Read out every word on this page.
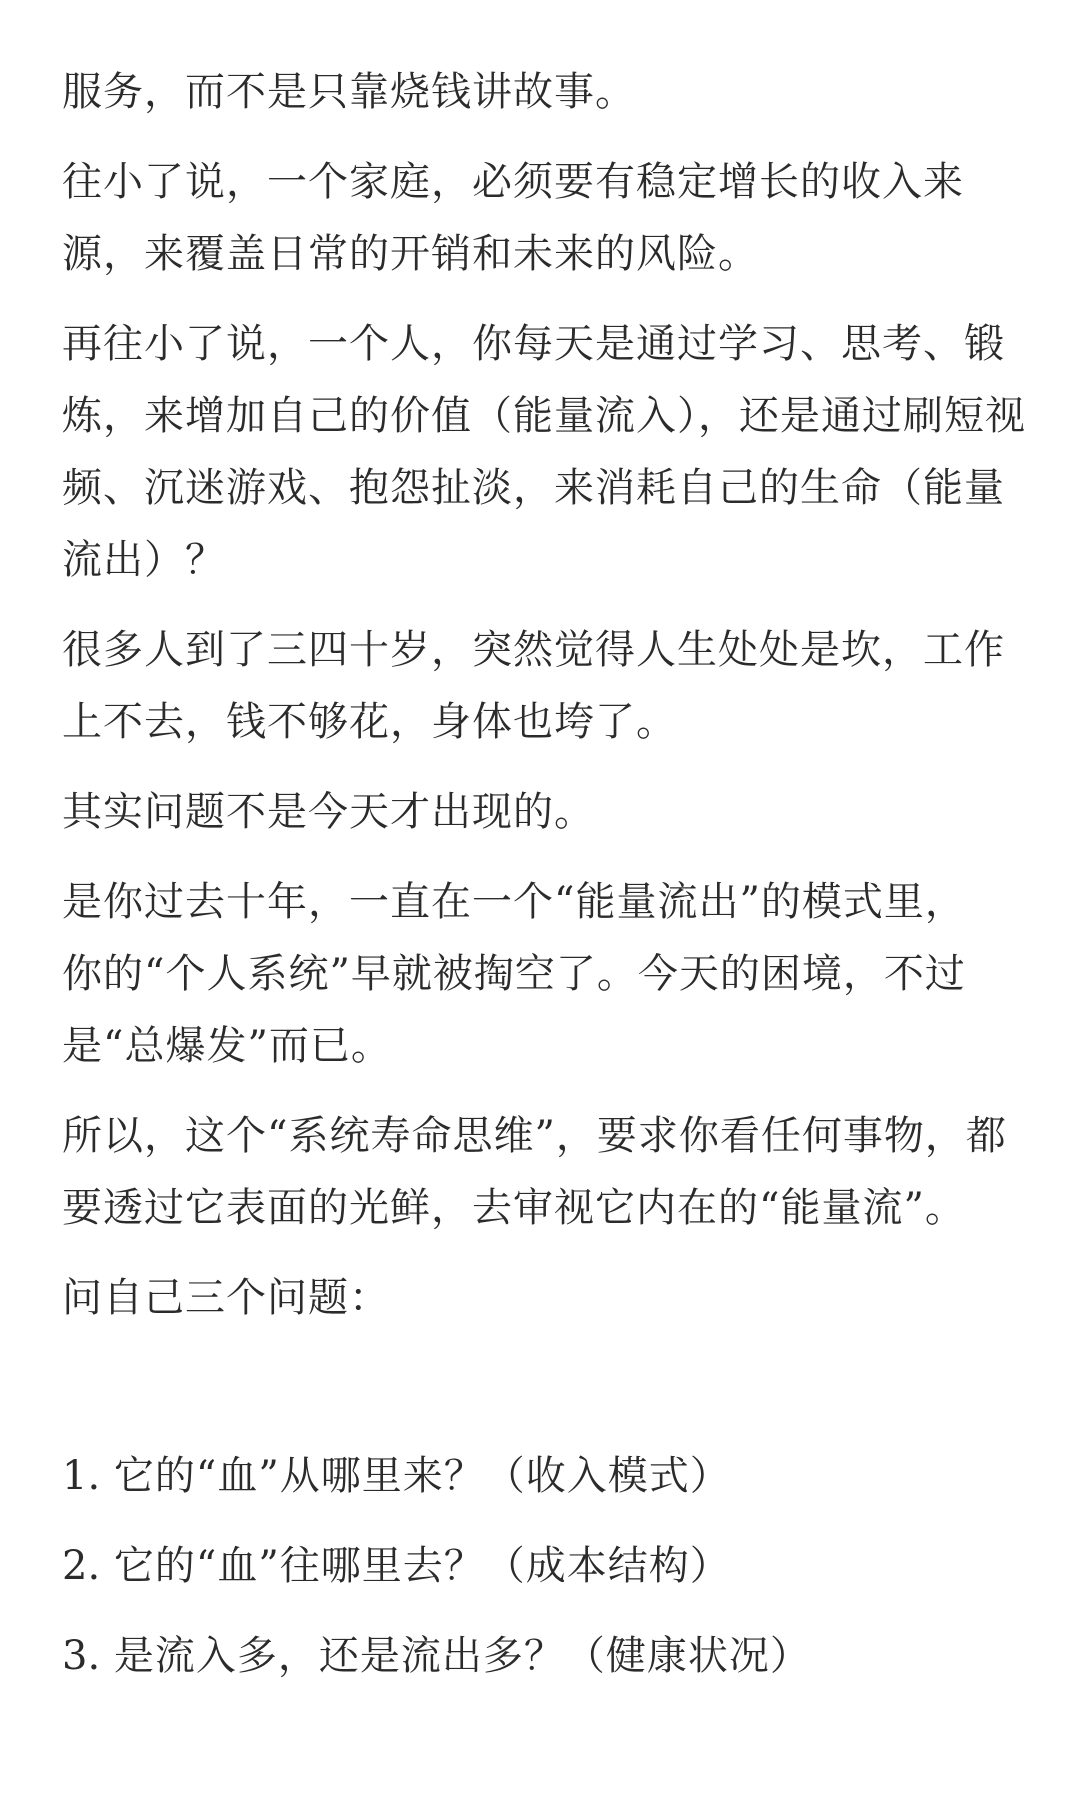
服务，而不是只靠烧钱讲故事。
往小了说，一个家庭，必须要有稳定增长的收入来
源，来覆盖日常的开销和未来的风险。
再往小了说，一个人，你每天是通过学习、思考、锻
炼，来增加自己的价值（能量流入），还是通过刷短视
频、沉迷游戏、抱怨扯淡，来消耗自己的生命（能量
流出）？
很多人到了三四十岁，突然觉得人生处处是坎，工作
上不去，钱不够花，身体也垮了。
其实问题不是今天才出现的。
是你过去十年，一直在一个“能量流出”的模式里，
你的“个人系统”早就被掏空了。今天的困境，不过
是“总爆发”而已。
所以，这个“系统寿命思维”，要求你看任何事物，都
要透过它表面的光鲜，去审视它内在的“能量流”。
问自己三个问题：
1. 它的“血”从哪里来？（收入模式）
2. 它的“血”往哪里去？（成本结构）
3. 是流入多，还是流出多？（健康状况）
